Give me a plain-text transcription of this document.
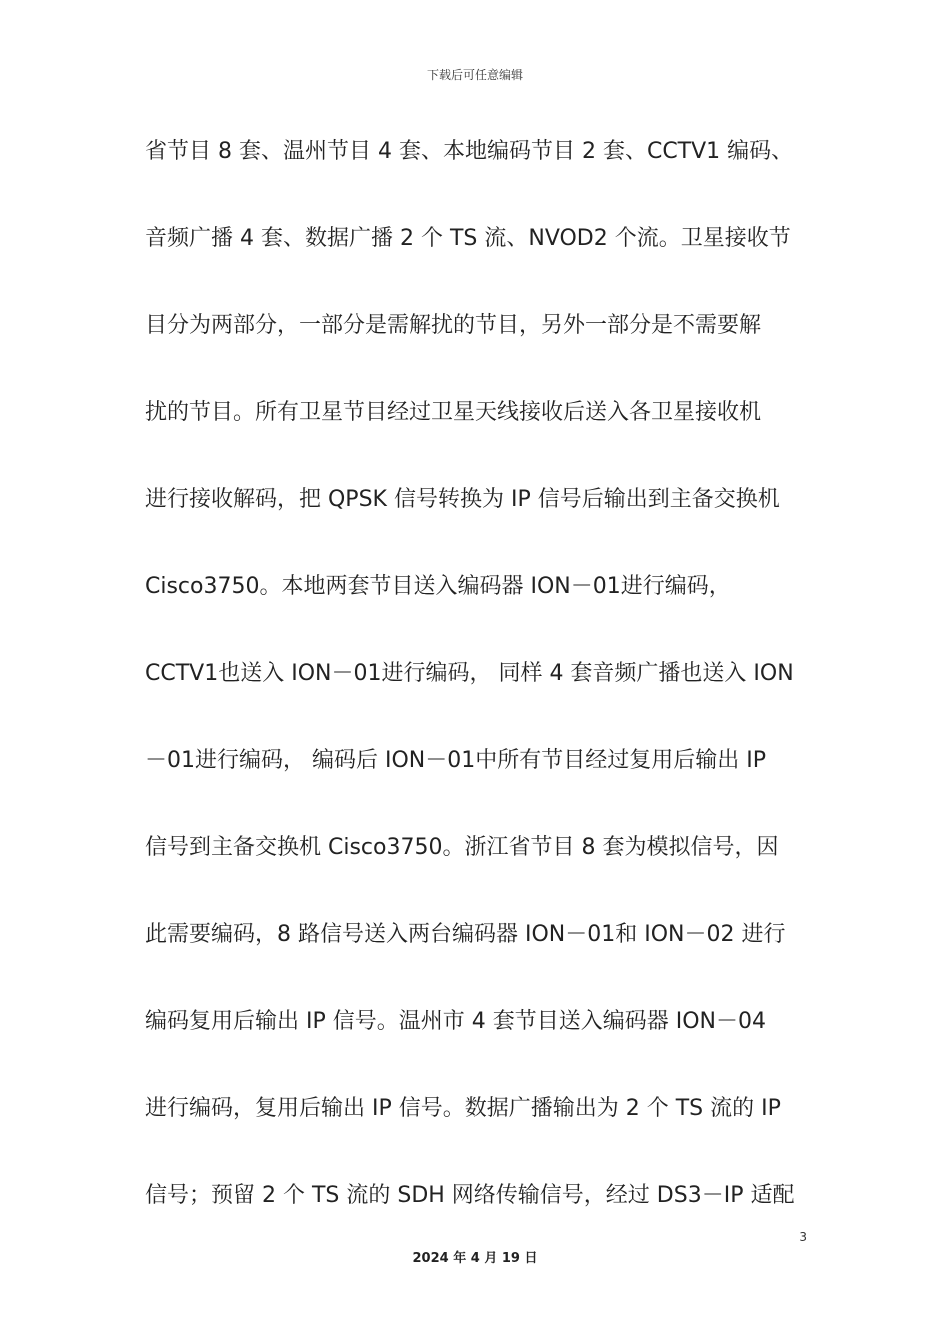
下载后可任意编辑
省节目 8 套、温州节目 4 套、本地编码节目 2 套、CCTV1 编码、
音频广播 4 套、数据广播 2 个 TS 流、NVOD2 个流。卫星接收节
目分为两部分，一部分是需解扰的节目，另外一部分是不需要解
扰的节目。所有卫星节目经过卫星天线接收后送入各卫星接收机
进行接收解码，把 QPSK 信号转换为 IP 信号后输出到主备交换机
Cisco3750。本地两套节目送入编码器 ION－01进行编码，
CCTV1也送入 ION－01进行编码， 同样 4 套音频广播也送入 ION
－01进行编码， 编码后 ION－01中所有节目经过复用后输出 IP
信号到主备交换机 Cisco3750。浙江省节目 8 套为模拟信号，因
此需要编码，8 路信号送入两台编码器 ION－01和 ION－02 进行
编码复用后输出 IP 信号。温州市 4 套节目送入编码器 ION－04
进行编码，复用后输出 IP 信号。数据广播输出为 2 个 TS 流的 IP
信号；预留 2 个 TS 流的 SDH 网络传输信号，经过 DS3－IP 适配
3
2024 年 4 月 19 日
